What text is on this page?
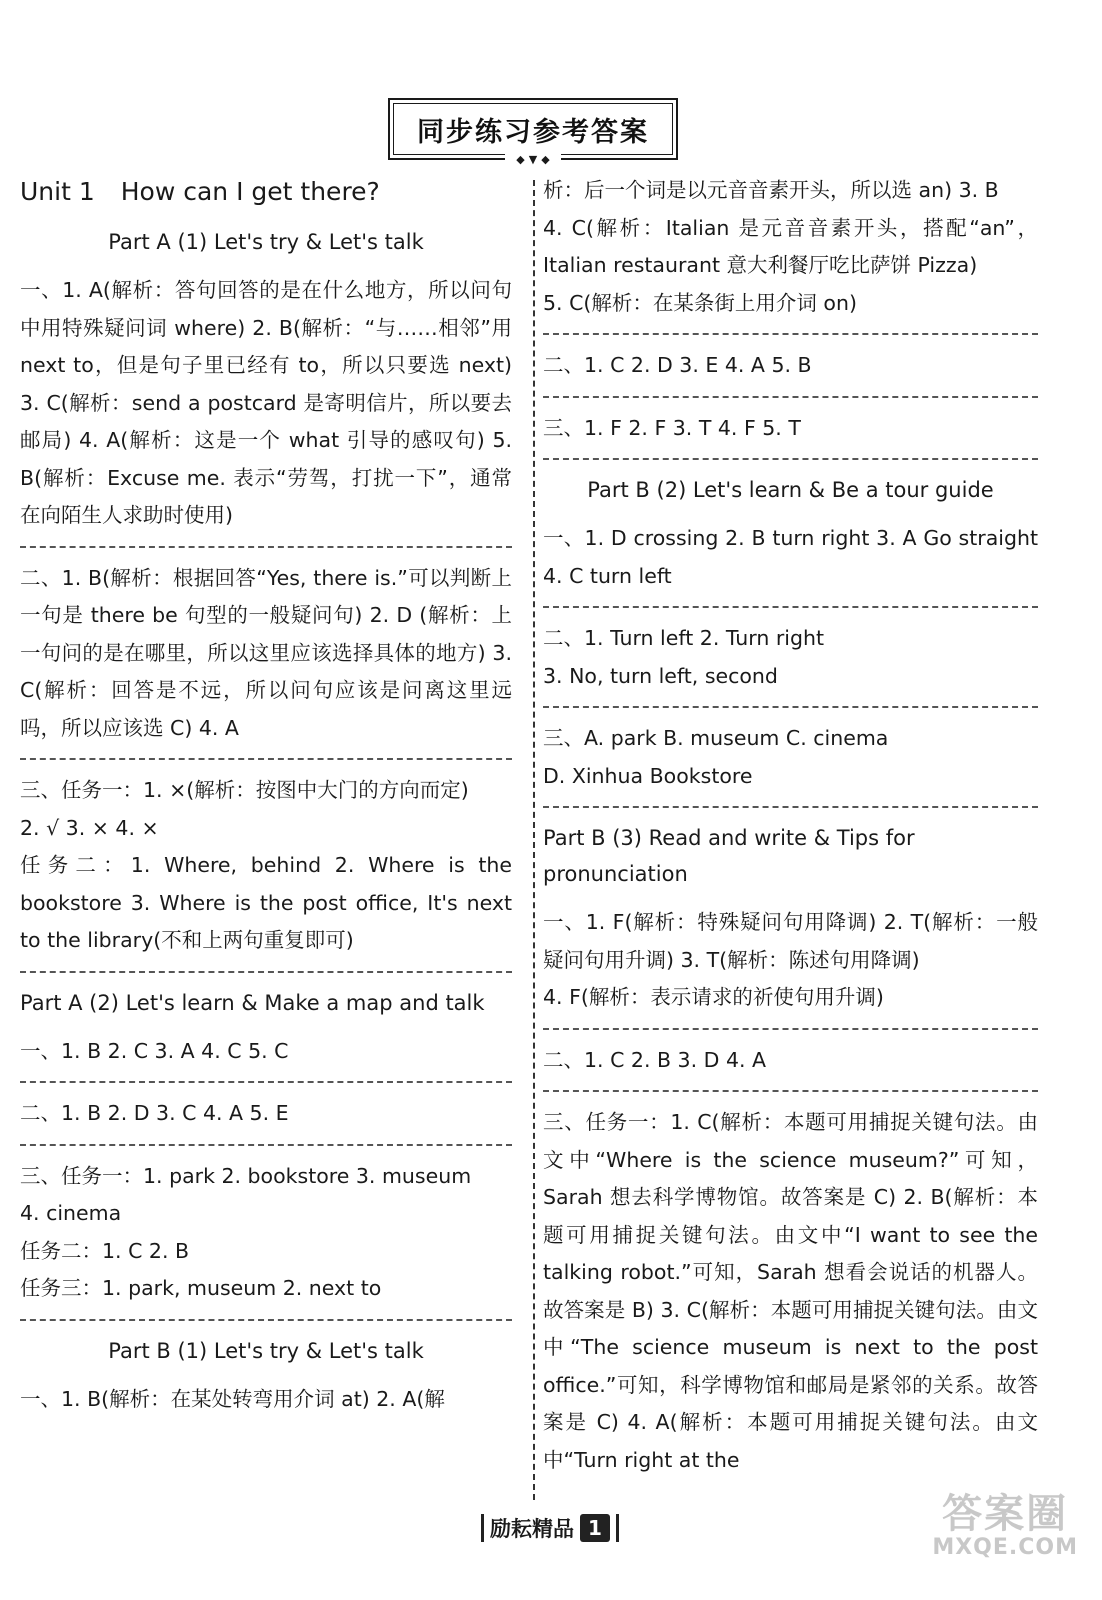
同步练习参考答案
◆ ▼ ◆
Unit 1 How can I get there?
Part A (1) Let's try & Let's talk

一、1. A(解析：答句回答的是在什么地方，所以问句中用特殊疑问词 where) 2. B(解析：“与……相邻”用 next to，但是句子里已经有 to，所以只要选 next) 3. C(解析：send a postcard 是寄明信片，所以要去邮局) 4. A(解析：这是一个 what 引导的感叹句) 5. B(解析：Excuse me. 表示“劳驾，打扰一下”，通常在向陌生人求助时使用)

二、1. B(解析：根据回答“Yes, there is.”可以判断上一句是 there be 句型的一般疑问句) 2. D (解析：上一句问的是在哪里，所以这里应该选择具体的地方) 3. C(解析：回答是不远，所以问句应该是问离这里远吗，所以应该选 C) 4. A

三、任务一：1. ×(解析：按图中大门的方向而定)

2. √ 3. × 4. ×

任务二：1. Where, behind 2. Where is the bookstore 3. Where is the post office, It's next to the library(不和上两句重复即可)

Part A (2) Let's learn & Make a map and talk

一、1. B 2. C 3. A 4. C 5. C

二、1. B 2. D 3. C 4. A 5. E

三、任务一：1. park 2. bookstore 3. museum

4. cinema

任务二：1. C 2. B

任务三：1. park, museum 2. next to

Part B (1) Let's try & Let's talk

一、1. B(解析：在某处转弯用介词 at) 2. A(解

析：后一个词是以元音音素开头，所以选 an) 3. B

4. C(解析：Italian 是元音音素开头，搭配“an”，Italian restaurant 意大利餐厅吃比萨饼 Pizza)

5. C(解析：在某条街上用介词 on)

二、1. C 2. D 3. E 4. A 5. B

三、1. F 2. F 3. T 4. F 5. T

Part B (2) Let's learn & Be a tour guide

一、1. D crossing 2. B turn right 3. A Go straight 4. C turn left

二、1. Turn left 2. Turn right

3. No, turn left, second

三、A. park B. museum C. cinema

D. Xinhua Bookstore

Part B (3) Read and write & Tips for pronunciation

一、1. F(解析：特殊疑问句用降调) 2. T(解析：一般疑问句用升调) 3. T(解析：陈述句用降调)

4. F(解析：表示请求的祈使句用升调)

二、1. C 2. B 3. D 4. A

三、任务一：1. C(解析：本题可用捕捉关键句法。由文中“Where is the science museum?”可知，Sarah 想去科学博物馆。故答案是 C) 2. B(解析：本题可用捕捉关键句法。由文中“I want to see the talking robot.”可知，Sarah 想看会说话的机器人。故答案是 B) 3. C(解析：本题可用捕捉关键句法。由文中“The science museum is next to the post office.”可知，科学博物馆和邮局是紧邻的关系。故答案是 C) 4. A(解析：本题可用捕捉关键句法。由文中“Turn right at the

励耘精品 1	答案圈
MXQE.COM
